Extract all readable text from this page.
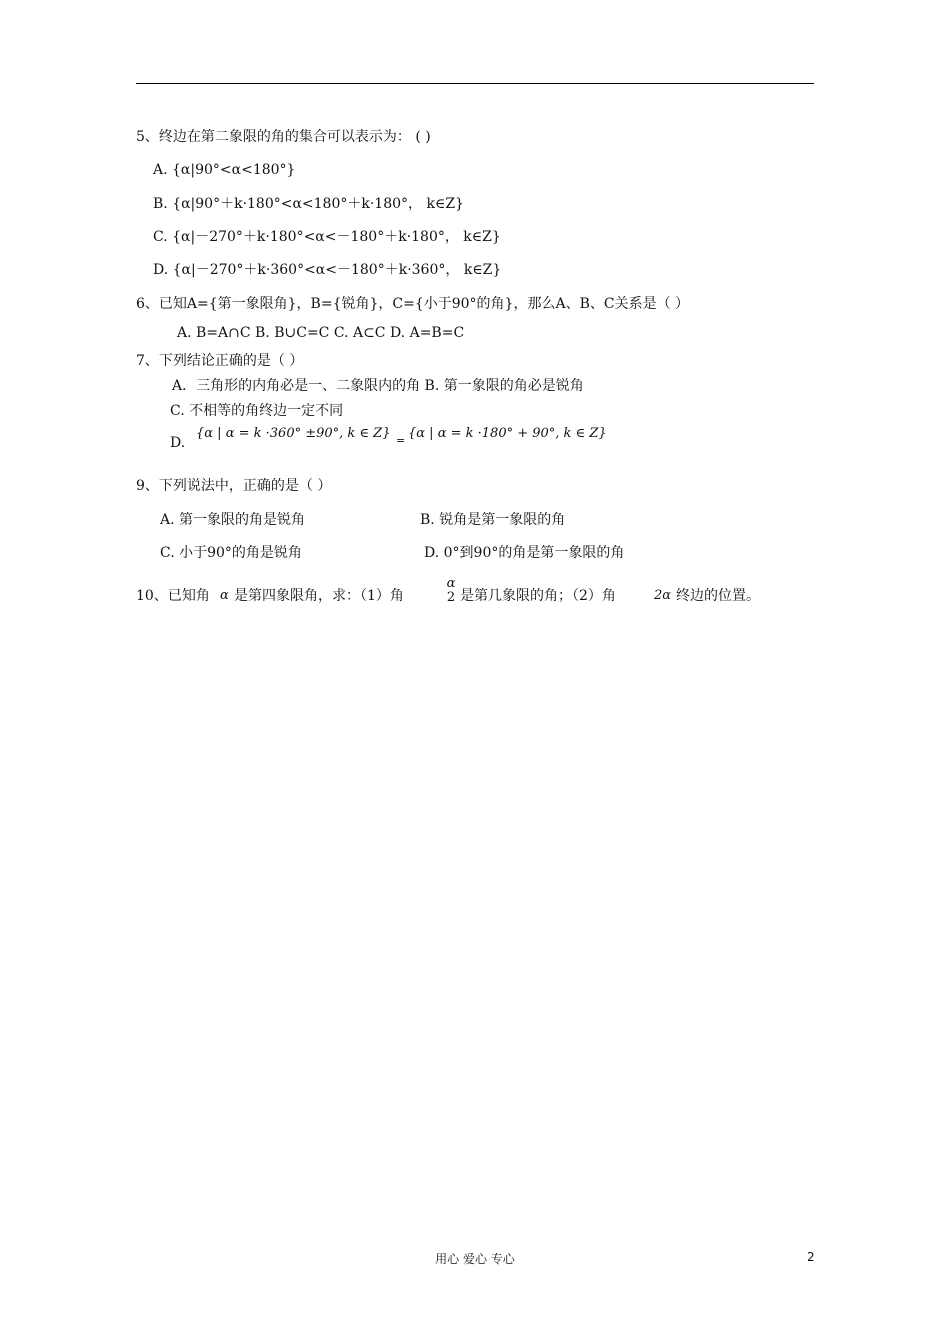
5、终边在第二象限的角的集合可以表示为： ( )
A. {α|90°<α<180°}
B. {α|90°＋k·180°<α<180°＋k·180°， k∈Z}
C. {α|－270°＋k·180°<α<－180°＋k·180°， k∈Z}
D. {α|－270°＋k·360°<α<－180°＋k·360°， k∈Z}
6、已知A={第一象限角}，B={锐角}，C={小于90°的角}，那么A、B、C关系是（ ）
A. B=A∩C B. B∪C=C C. A⊂C D. A=B=C
7、下列结论正确的是（ ）
A．三角形的内角必是一、二象限内的角 B. 第一象限的角必是锐角
C. 不相等的角终边一定不同
D.
{α | α = k ·360° ±90°, k ∈ Z} = {α | α = k ·180° + 90°, k ∈ Z}
9、下列说法中，正确的是（ ）
A. 第一象限的角是锐角	B. 锐角是第一象限的角
C. 小于90°的角是锐角	D. 0°到90°的角是第一象限的角
10、已知角 α 是第四象限角，求：（1）角
α
2 是第几象限的角；（2）角	2α 终边的位置。
用心 爱心 专心	2
